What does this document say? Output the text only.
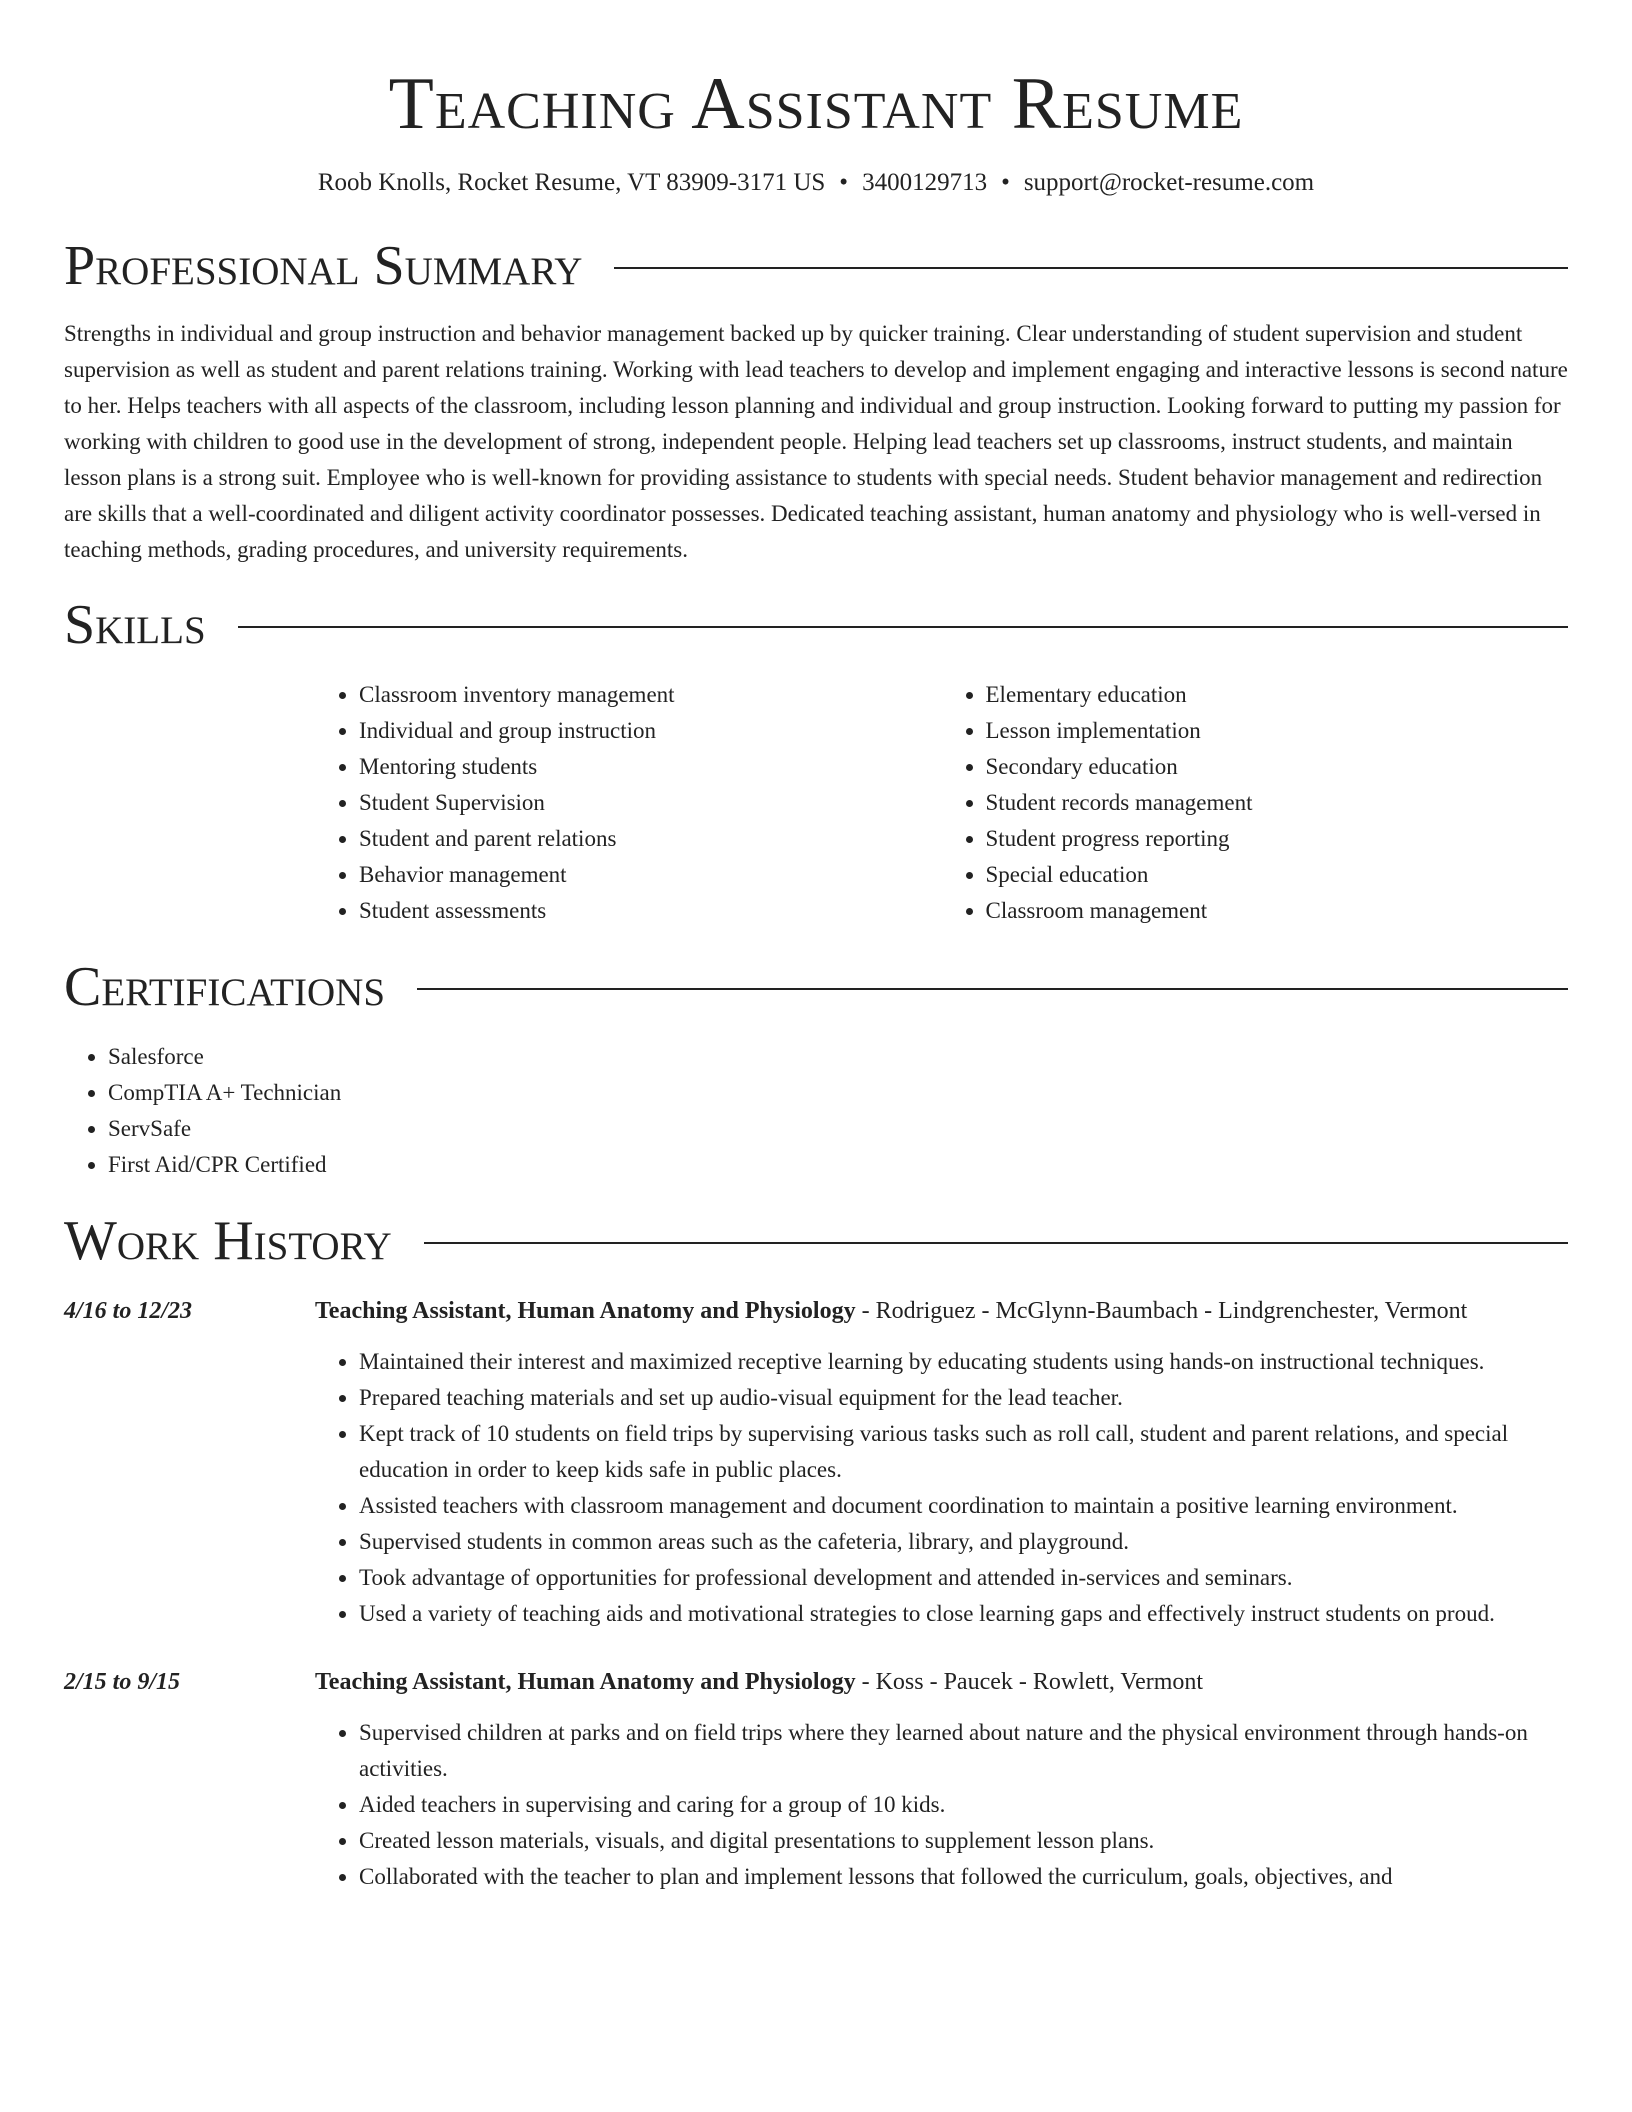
Teaching Assistant Resume
Roob Knolls, Rocket Resume, VT 83909-3171 US • 3400129713 • support@rocket-resume.com
Professional Summary

Strengths in individual and group instruction and behavior management backed up by quicker training. Clear understanding of student supervision and student supervision as well as student and parent relations training. Working with lead teachers to develop and implement engaging and interactive lessons is second nature to her. Helps teachers with all aspects of the classroom, including lesson planning and individual and group instruction. Looking forward to putting my passion for working with children to good use in the development of strong, independent people. Helping lead teachers set up classrooms, instruct students, and maintain lesson plans is a strong suit. Employee who is well-known for providing assistance to students with special needs. Student behavior management and redirection are skills that a well-coordinated and diligent activity coordinator possesses. Dedicated teaching assistant, human anatomy and physiology who is well-versed in teaching methods, grading procedures, and university requirements.

Skills
• Classroom inventory management
• Individual and group instruction
• Mentoring students
• Student Supervision
• Student and parent relations
• Behavior management
• Student assessments
• Elementary education
• Lesson implementation
• Secondary education
• Student records management
• Student progress reporting
• Special education
• Classroom management
Certifications
• Salesforce
• CompTIA A+ Technician
• ServSafe
• First Aid/CPR Certified
Work History
4/16 to 12/23	Teaching Assistant, Human Anatomy and Physiology - Rodriguez - McGlynn-Baumbach - Lindgrenchester, Vermont
• Maintained their interest and maximized receptive learning by educating students using hands-on instructional techniques.
• Prepared teaching materials and set up audio-visual equipment for the lead teacher.
• Kept track of 10 students on field trips by supervising various tasks such as roll call, student and parent relations, and special education in order to keep kids safe in public places.
• Assisted teachers with classroom management and document coordination to maintain a positive learning environment.
• Supervised students in common areas such as the cafeteria, library, and playground.
• Took advantage of opportunities for professional development and attended in-services and seminars.
• Used a variety of teaching aids and motivational strategies to close learning gaps and effectively instruct students on proud.
2/15 to 9/15	Teaching Assistant, Human Anatomy and Physiology - Koss - Paucek - Rowlett, Vermont
• Supervised children at parks and on field trips where they learned about nature and the physical environment through hands-on activities.
• Aided teachers in supervising and caring for a group of 10 kids.
• Created lesson materials, visuals, and digital presentations to supplement lesson plans.
• Collaborated with the teacher to plan and implement lessons that followed the curriculum, goals, objectives, and
